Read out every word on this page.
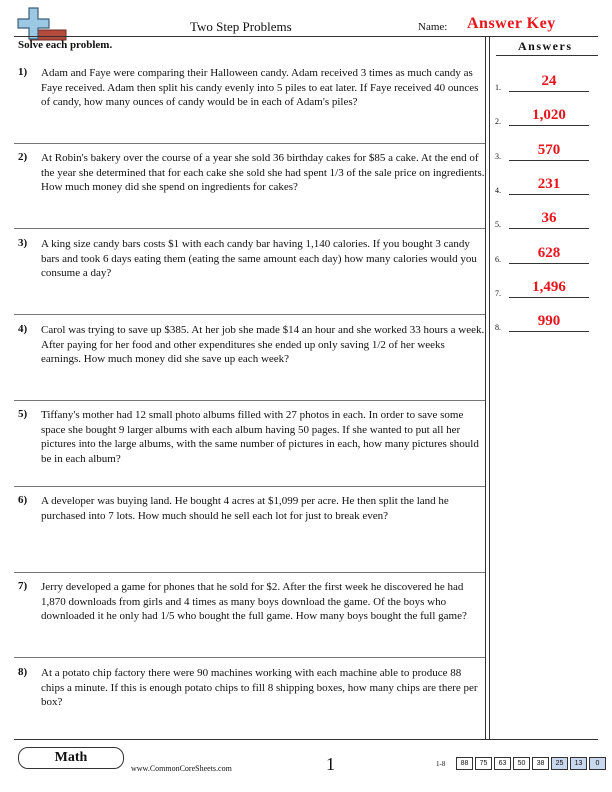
Two Step Problems	Name: Answer Key
Solve each problem.	Answers
1) Adam and Faye were comparing their Halloween candy. Adam received 3 times as much candy as Faye received. Adam then split his candy evenly into 5 piles to eat later. If Faye received 40 ounces of candy, how many ounces of candy would be in each of Adam's piles?
2) At Robin's bakery over the course of a year she sold 36 birthday cakes for $85 a cake. At the end of the year she determined that for each cake she sold she had spent 1/3 of the sale price on ingredients. How much money did she spend on ingredients for cakes?
3) A king size candy bars costs $1 with each candy bar having 1,140 calories. If you bought 3 candy bars and took 6 days eating them (eating the same amount each day) how many calories would you consume a day?
4) Carol was trying to save up $385. At her job she made $14 an hour and she worked 33 hours a week. After paying for her food and other expenditures she ended up only saving 1/2 of her weeks earnings. How much money did she save up each week?
5) Tiffany's mother had 12 small photo albums filled with 27 photos in each. In order to save some space she bought 9 larger albums with each album having 50 pages. If she wanted to put all her pictures into the large albums, with the same number of pictures in each, how many pictures should be in each album?
6) A developer was buying land. He bought 4 acres at $1,099 per acre. He then split the land he purchased into 7 lots. How much should he sell each lot for just to break even?
7) Jerry developed a game for phones that he sold for $2. After the first week he discovered he had 1,870 downloads from girls and 4 times as many boys download the game. Of the boys who downloaded it he only had 1/5 who bought the full game. How many boys bought the full game?
8) At a potato chip factory there were 90 machines working with each machine able to produce 88 chips a minute. If this is enough potato chips to fill 8 shipping boxes, how many chips are there per box?
1.	24
2.	1,020
3.	570
4.	231
5.	36
6.	628
7.	1,496
8.	990
Math
www.CommonCoreSheets.com	1	1-8	88	75	63	50	38	25	13	0
